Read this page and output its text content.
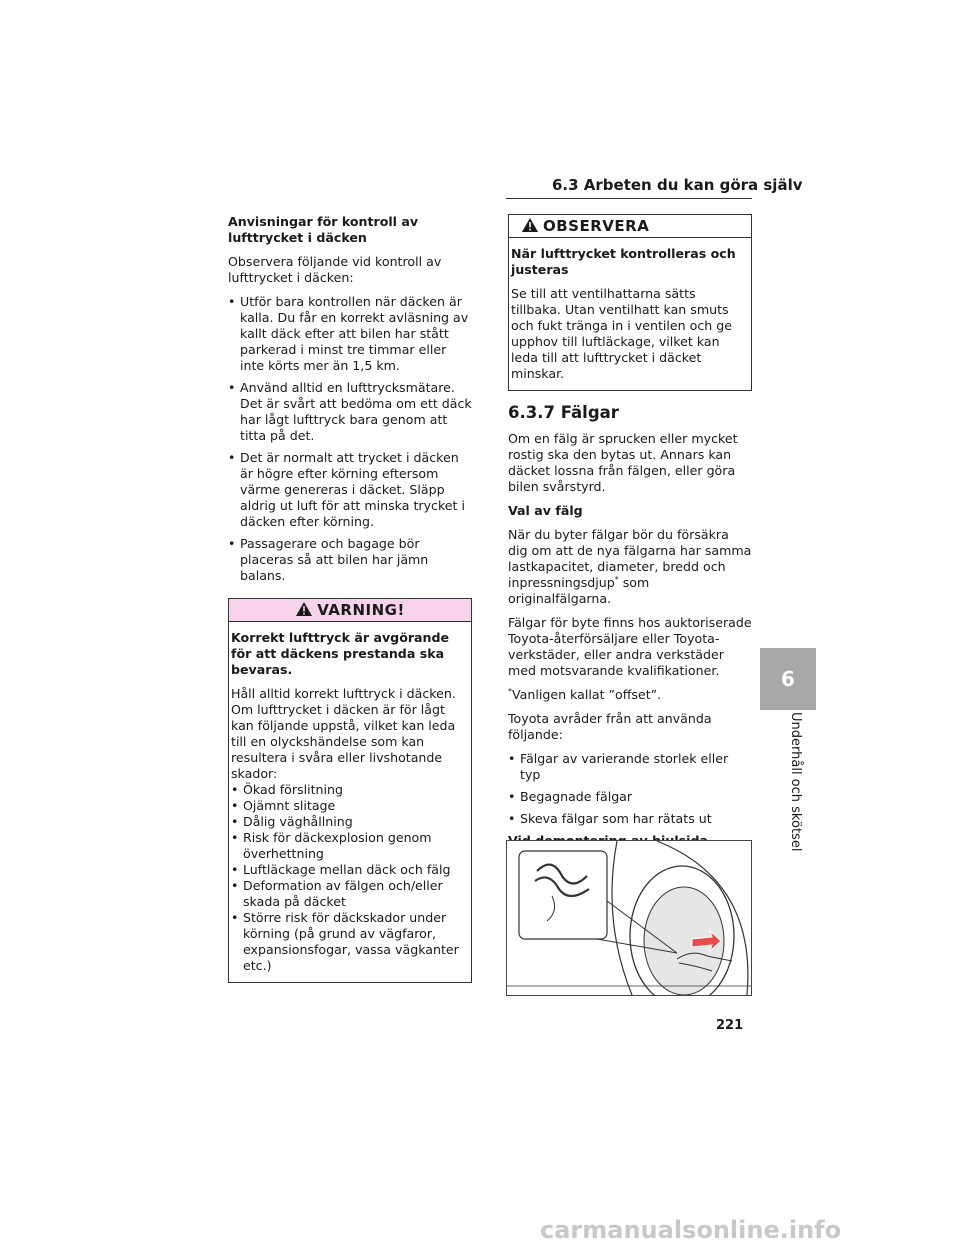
6.3 Arbeten du kan göra själv
Anvisningar för kontroll av lufttrycket i däcken
Observera följande vid kontroll av lufttrycket i däcken:
• Utför bara kontrollen när däcken är kalla. Du får en korrekt avläsning av kallt däck efter att bilen har stått parkerad i minst tre timmar eller inte körts mer än 1,5 km.
• Använd alltid en lufttrycksmätare. Det är svårt att bedöma om ett däck har lågt lufttryck bara genom att titta på det.
• Det är normalt att trycket i däcken är högre efter körning eftersom värme genereras i däcket. Släpp aldrig ut luft för att minska trycket i däcken efter körning.
• Passagerare och bagage bör placeras så att bilen har jämn balans.
VARNING!
Korrekt lufttryck är avgörande för att däckens prestanda ska bevaras.
Håll alltid korrekt lufttryck i däcken. Om lufttrycket i däcken är för lågt kan följande uppstå, vilket kan leda till en olyckshändelse som kan resultera i svåra eller livshotande skador:
• Ökad förslitning
• Ojämnt slitage
• Dålig väghållning
• Risk för däckexplosion genom överhettning
• Luftläckage mellan däck och fälg
• Deformation av fälgen och/eller skada på däcket
• Större risk för däckskador under körning (på grund av vägfaror, expansionsfogar, vassa vägkanter etc.)
OBSERVERA
När lufttrycket kontrolleras och justeras
Se till att ventilhattarna sätts tillbaka. Utan ventilhatt kan smuts och fukt tränga in i ventilen och ge upphov till luftläckage, vilket kan leda till att lufttrycket i däcket minskar.
6.3.7 Fälgar
Om en fälg är sprucken eller mycket rostig ska den bytas ut. Annars kan däcket lossna från fälgen, eller göra bilen svårstyrd.
Val av fälg
När du byter fälgar bör du försäkra dig om att de nya fälgarna har samma lastkapacitet, diameter, bredd och inpressningsdjup* som originalfälgarna.
Fälgar för byte finns hos auktoriserade Toyota-återförsäljare eller Toyota-verkstäder, eller andra verkstäder med motsvarande kvalifikationer.
*Vanligen kallat ”offset”.
Toyota avråder från att använda följande:
• Fälgar av varierande storlek eller typ
• Begagnade fälgar
• Skeva fälgar som har rätats ut
6
Underhåll och skötsel
221
carmanualsonline.info
